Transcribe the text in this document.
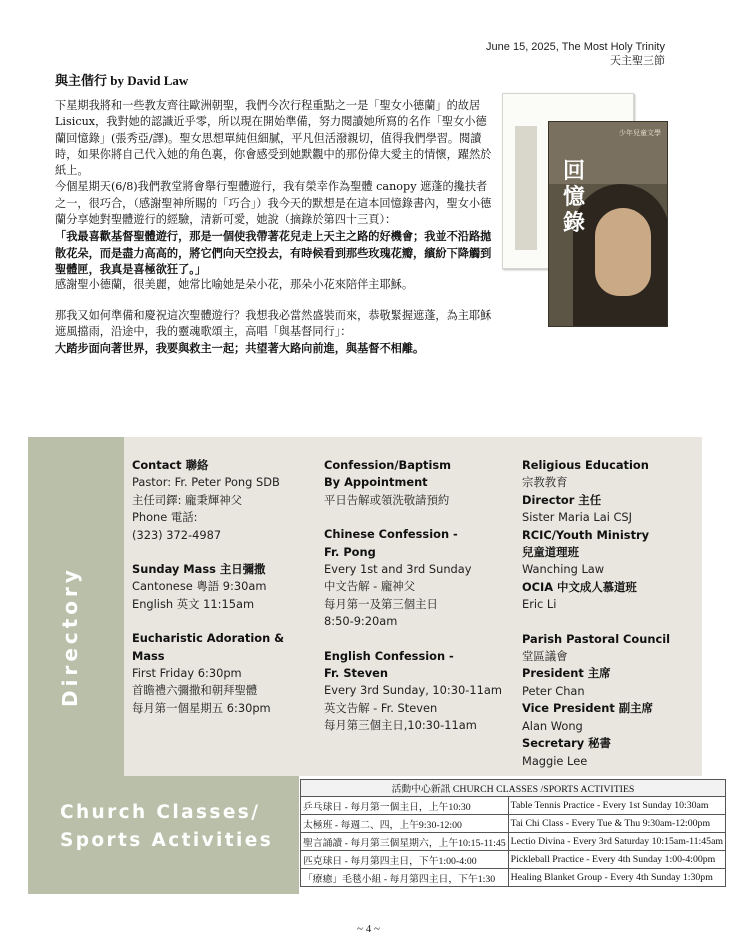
June 15, 2025, The Most Holy Trinity
天主聖三節
與主偕行 by David Law

下星期我將和一些教友齊往歐洲朝聖，我們今次行程重點之一是「聖女小德蘭」的故居 Lisicux，我對她的認識近乎零，所以現在開始準備，努力閱讀她所寫的名作「聖女小德蘭回憶錄」(張秀亞/譯)。聖女思想單純但細膩，平凡但活潑親切，值得我們學習。閱讀時，如果你將自己代入她的角色裏，你會感受到她默觀中的那份偉大愛主的情懷，躍然於紙上。

今個星期天(6/8)我們教堂將會舉行聖體遊行，我有榮幸作為聖體 canopy 遮蓬的攙扶者之一，很巧合，（感謝聖神所賜的「巧合」）我今天的默想是在這本回憶錄書內，聖女小德蘭分享她對聖體遊行的經驗，清新可愛，她說（摘錄於第四十三頁）：

「我最喜歡基督聖體遊行，那是一個使我帶著花兒走上天主之路的好機會；我並不沿路拋散花朵，而是盡力高高的，將它們向天空投去，有時候看到那些玫瑰花瓣，繽紛下降觸到聖體匣，我真是喜極欲狂了。」

感謝聖小德蘭，很美麗，她常比喻她是朵小花，那朵小花來陪伴主耶穌。

那我又如何準備和慶祝這次聖體遊行？我想我必當然盛裝而來，恭敬緊握遮蓬，為主耶穌遮風擋雨，沿途中，我的靈魂歌頌主，高唱「與基督同行」：

大踏步面向著世界，我要與救主一起；共望著大路向前進，與基督不相離。

少年兒童文學
回憶錄
Directory
Contact 聯絡
Pastor: Fr. Peter Pong SDB
主任司鐸: 龐秉輝神父
Phone 電話:
(323) 372-4987
Sunday Mass 主日彌撒
Cantonese 粵語 9:30am
English 英文 11:15am
Eucharistic Adoration &
Mass
First Friday 6:30pm
首瞻禮六彌撒和朝拜聖體
每月第一個星期五 6:30pm
Confession/Baptism
By Appointment
平日告解或領洗敬請預約
Chinese Confession -
Fr. Pong
Every 1st and 3rd Sunday
中文告解 - 龐神父
每月第一及第三個主日
8:50-9:20am
English Confession -
Fr. Steven
Every 3rd Sunday, 10:30-11am
英文告解 - Fr. Steven
每月第三個主日,10:30-11am
Religious Education
宗教教育
Director 主任
Sister Maria Lai CSJ
RCIC/Youth Ministry
兒童道理班
Wanching Law
OCIA 中文成人慕道班
Eric Li
Parish Pastoral Council
堂區議會
President 主席
Peter Chan
Vice President 副主席
Alan Wong
Secretary 秘書
Maggie Lee
Church Classes/
Sports Activities
活動中心新訊 CHURCH CLASSES /SPORTS ACTIVITIES	
乒乓球日 - 每月第一個主日，上午10:30	Table Tennis Practice - Every 1st Sunday 10:30am
太極班 - 每週二、四，上午9:30-12:00	Tai Chi Class - Every Tue & Thu 9:30am-12:00pm
聖言誦讀 - 每月第三個星期六，上午10:15-11:45	Lectio Divina - Every 3rd Saturday 10:15am-11:45am
匹克球日 - 每月第四主日，下午1:00-4:00	Pickleball Practice - Every 4th Sunday 1:00-4:00pm
「療癒」毛毯小組 - 每月第四主日，下午1:30	Healing Blanket Group - Every 4th Sunday 1:30pm
~ 4 ~
